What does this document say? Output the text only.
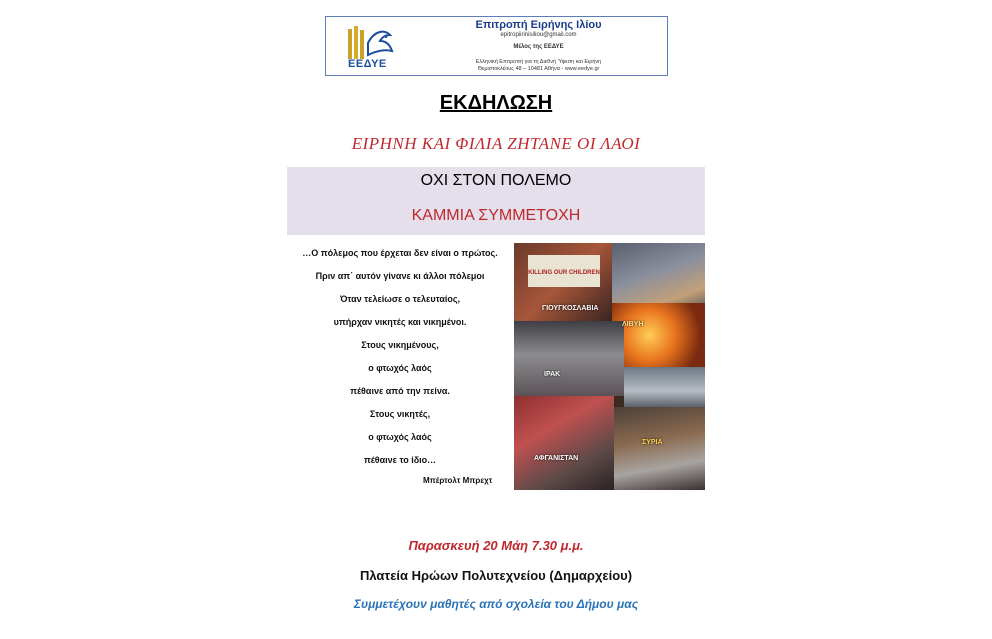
ΕΕΔΥΕ
Επιτροπή Ειρήνης Ιλίου
epitropiirinisiliou@gmail.com
Μέλος της ΕΕΔΥΕ
Ελληνική Επιτροπή για τη Διεθνή Ύφεση και Ειρήνη
Θεμιστοκλέους 48 – 10481 Αθήνα - www.eedye.gr
ΕΚΔΗΛΩΣΗ
ΕΙΡΗΝΗ ΚΑΙ ΦΙΛΙΑ ΖΗΤΑΝΕ ΟΙ ΛΑΟΙ
ΟΧΙ ΣΤΟΝ ΠΟΛΕΜΟ
ΚΑΜΜΙΑ ΣΥΜΜΕΤΟΧΗ
…Ο πόλεμος που έρχεται δεν είναι ο πρώτος.
Πριν απ΄ αυτόν γίνανε κι άλλοι πόλεμοι
Όταν τελείωσε ο τελευταίος,
υπήρχαν νικητές και νικημένοι.
Στους νικημένους,
ο φτωχός λαός
πέθαινε από την πείνα.
Στους νικητές,
ο φτωχός λαός
πέθαινε το ίδιο…
Μπέρτολτ Μπρεχτ
KILLING OUR CHILDREN
ΓΙΟΥΓΚΟΣΛΑΒΙΑ
ΛΙΒΥΗ
ΙΡΑΚ
ΑΦΓΑΝΙΣΤΑΝ
ΣΥΡΙΑ
Παρασκευή 20 Μάη 7.30 μ.μ.
Πλατεία Ηρώων Πολυτεχνείου (Δημαρχείου)
Συμμετέχουν μαθητές από σχολεία του Δήμου μας
